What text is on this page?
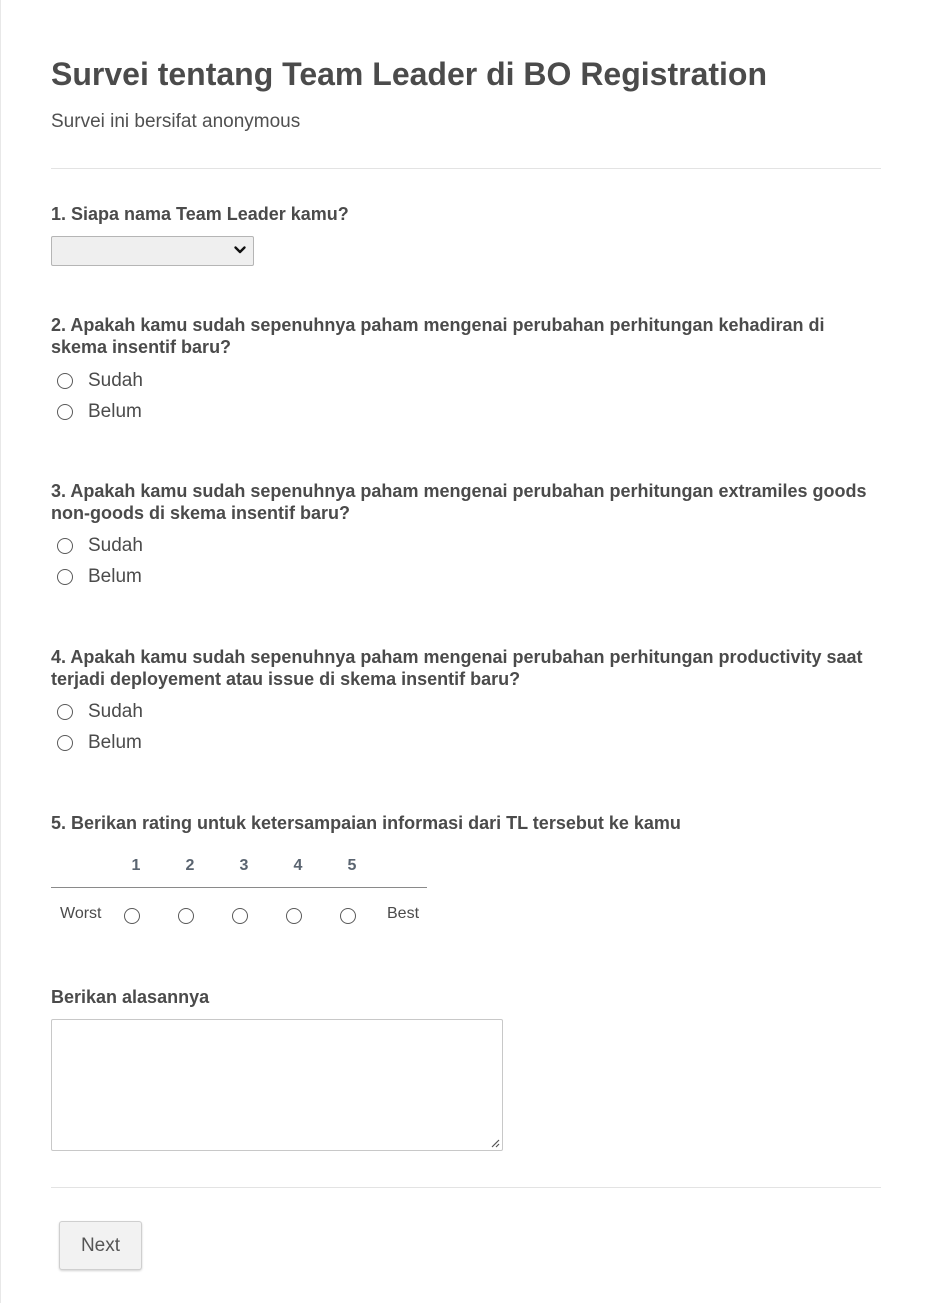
Survei tentang Team Leader di BO Registration
Survei ini bersifat anonymous
1. Siapa nama Team Leader kamu?
2. Apakah kamu sudah sepenuhnya paham mengenai perubahan perhitungan kehadiran di skema insentif baru?
Sudah
Belum
3. Apakah kamu sudah sepenuhnya paham mengenai perubahan perhitungan extramiles goods non-goods di skema insentif baru?
Sudah
Belum
4. Apakah kamu sudah sepenuhnya paham mengenai perubahan perhitungan productivity saat terjadi deployement atau issue di skema insentif baru?
Sudah
Belum
5. Berikan rating untuk ketersampaian informasi dari TL tersebut ke kamu
1	2	3	4	5
Worst	Best
Berikan alasannya
Next
